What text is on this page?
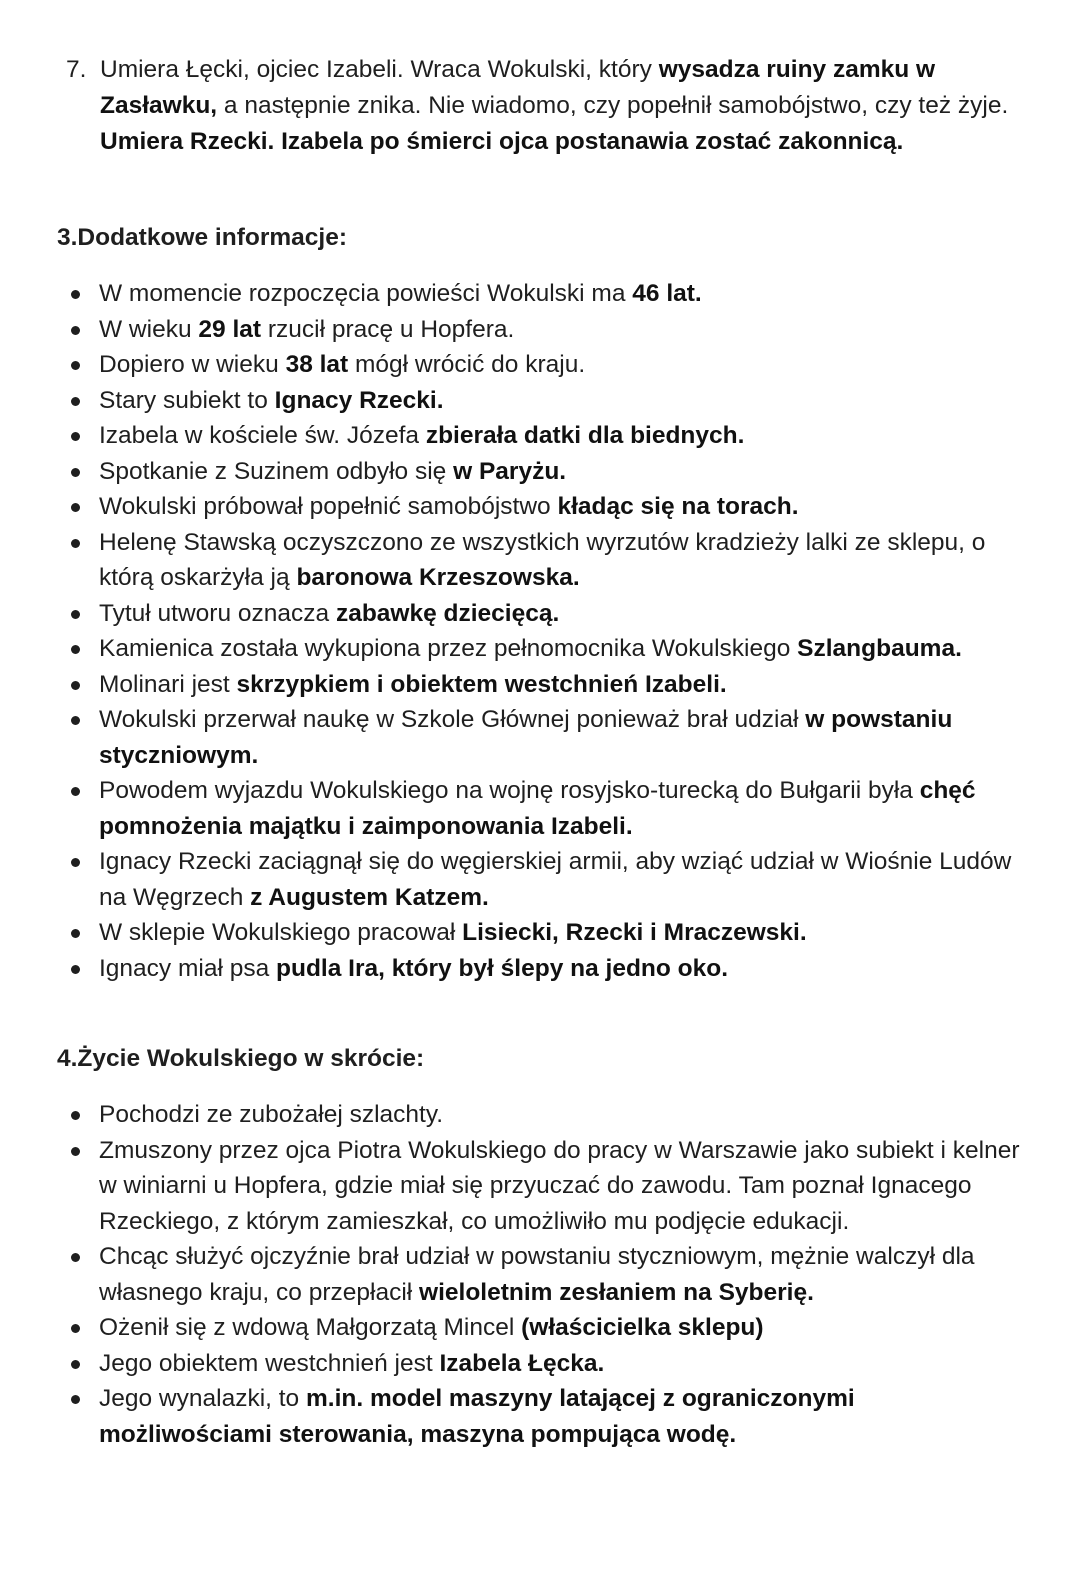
7. Umiera Łęcki, ojciec Izabeli. Wraca Wokulski, który wysadza ruiny zamku w Zasławku, a następnie znika. Nie wiadomo, czy popełnił samobójstwo, czy też żyje. Umiera Rzecki. Izabela po śmierci ojca postanawia zostać zakonnicą.
3.Dodatkowe informacje:
W momencie rozpoczęcia powieści Wokulski ma 46 lat.
W wieku 29 lat rzucił pracę u Hopfera.
Dopiero w wieku 38 lat mógł wrócić do kraju.
Stary subiekt to Ignacy Rzecki.
Izabela w kościele św. Józefa zbierała datki dla biednych.
Spotkanie z Suzinem odbyło się w Paryżu.
Wokulski próbował popełnić samobójstwo kładąc się na torach.
Helenę Stawską oczyszczono ze wszystkich wyrzutów kradzieży lalki ze sklepu, o którą oskarżyła ją baronowa Krzeszowska.
Tytuł utworu oznacza zabawkę dziecięcą.
Kamienica została wykupiona przez pełnomocnika Wokulskiego Szlangbauma.
Molinari jest skrzypkiem i obiektem westchnień Izabeli.
Wokulski przerwał naukę w Szkole Głównej ponieważ brał udział w powstaniu styczniowym.
Powodem wyjazdu Wokulskiego na wojnę rosyjsko-turecką do Bułgarii była chęć pomnożenia majątku i zaimponowania Izabeli.
Ignacy Rzecki zaciągnął się do węgierskiej armii, aby wziąć udział w Wiośnie Ludów na Węgrzech z Augustem Katzem.
W sklepie Wokulskiego pracował Lisiecki, Rzecki i Mraczewski.
Ignacy miał psa pudla Ira, który był ślepy na jedno oko.
4.Życie Wokulskiego w skrócie:
Pochodzi ze zubożałej szlachty.
Zmuszony przez ojca Piotra Wokulskiego do pracy w Warszawie jako subiekt i kelner w winiarni u Hopfera, gdzie miał się przyuczać do zawodu. Tam poznał Ignacego Rzeckiego, z którym zamieszkał, co umożliwiło mu podjęcie edukacji.
Chcąc służyć ojczyźnie brał udział w powstaniu styczniowym, mężnie walczył dla własnego kraju, co przepłacił wieloletnim zesłaniem na Syberię.
Ożenił się z wdową Małgorzatą Mincel (właścicielka sklepu)
Jego obiektem westchnień jest Izabela Łęcka.
Jego wynalazki, to m.in. model maszyny latającej z ograniczonymi możliwościami sterowania, maszyna pompująca wodę.
